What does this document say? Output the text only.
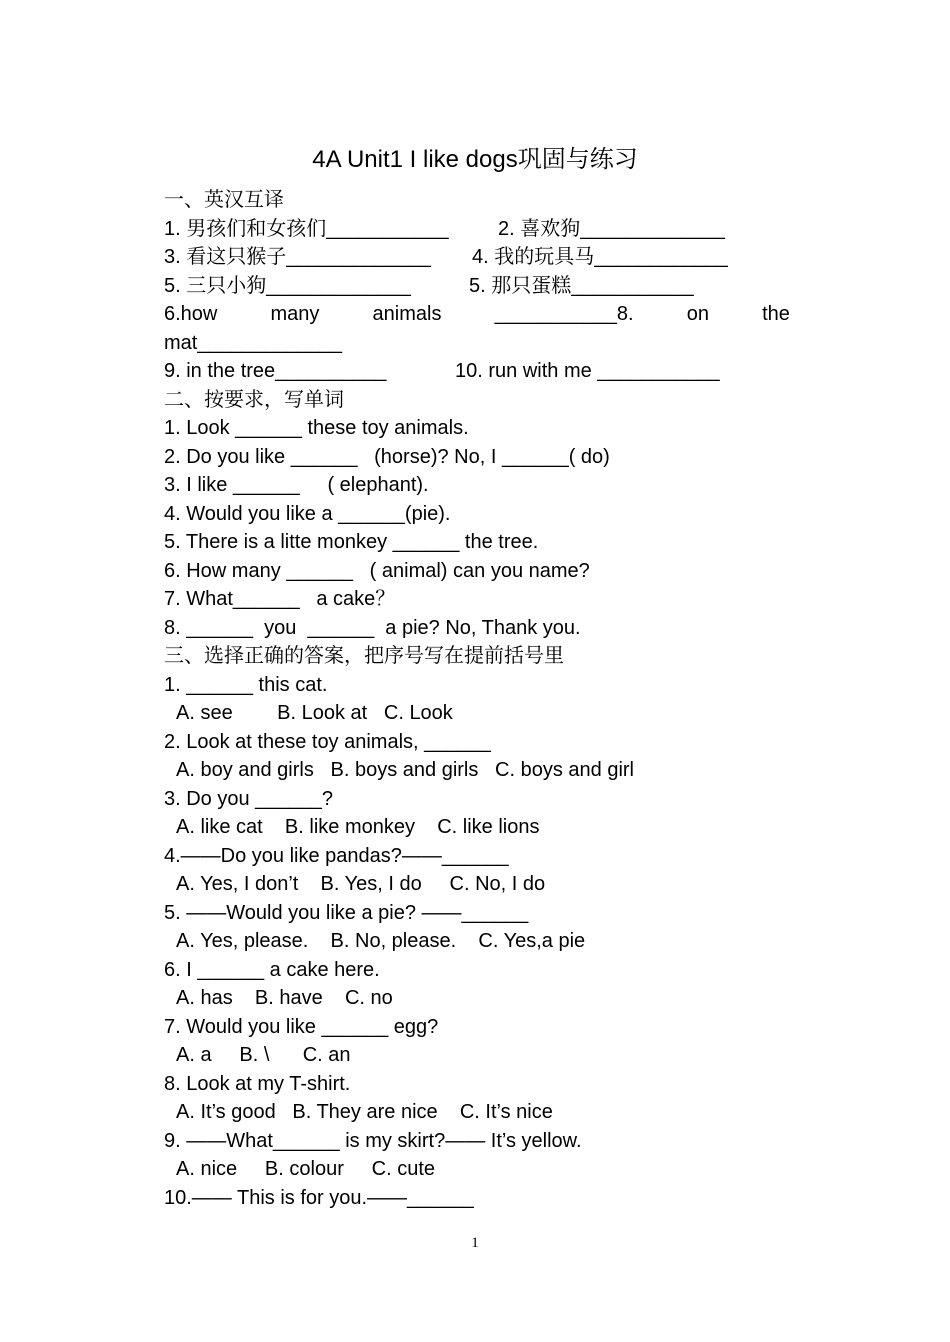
4A Unit1 I like dogs巩固与练习
一、英汉互译
1. 男孩们和女孩们___________ 2. 喜欢狗_____________
3. 看这只猴子_____________ 4. 我的玩具马____________
5. 三只小狗_____________	5. 那只蛋糕___________
6.how	many	animals	___________8.	on	the
mat_____________
9. in the tree__________	10. run with me ___________
二、按要求，写单词
1. Look ______ these toy animals.
2. Do you like ______   (horse)? No, I ______( do)
3. I like ______     ( elephant).
4. Would you like a ______(pie).
5. There is a litte monkey ______ the tree.
6. How many ______   ( animal) can you name?
7. What______   a cake？
8. ______  you  ______  a pie? No, Thank you.
三、选择正确的答案，把序号写在提前括号里
1. ______ this cat.
A. see        B. Look at   C. Look
2. Look at these toy animals, ______
A. boy and girls   B. boys and girls   C. boys and girl
3. Do you ______?
A. like cat    B. like monkey    C. like lions
4.——Do you like pandas?——______
A. Yes, I don’t    B. Yes, I do     C. No, I do
5. ——Would you like a pie? ——______
A. Yes, please.    B. No, please.    C. Yes,a pie
6. I ______ a cake here.
A. has    B. have    C. no
7. Would you like ______ egg?
A. a     B. \      C. an
8. Look at my T-shirt.
A. It’s good   B. They are nice    C. It’s nice
9. ——What______ is my skirt?—— It’s yellow.
A. nice     B. colour     C. cute
10.—— This is for you.——______
1
